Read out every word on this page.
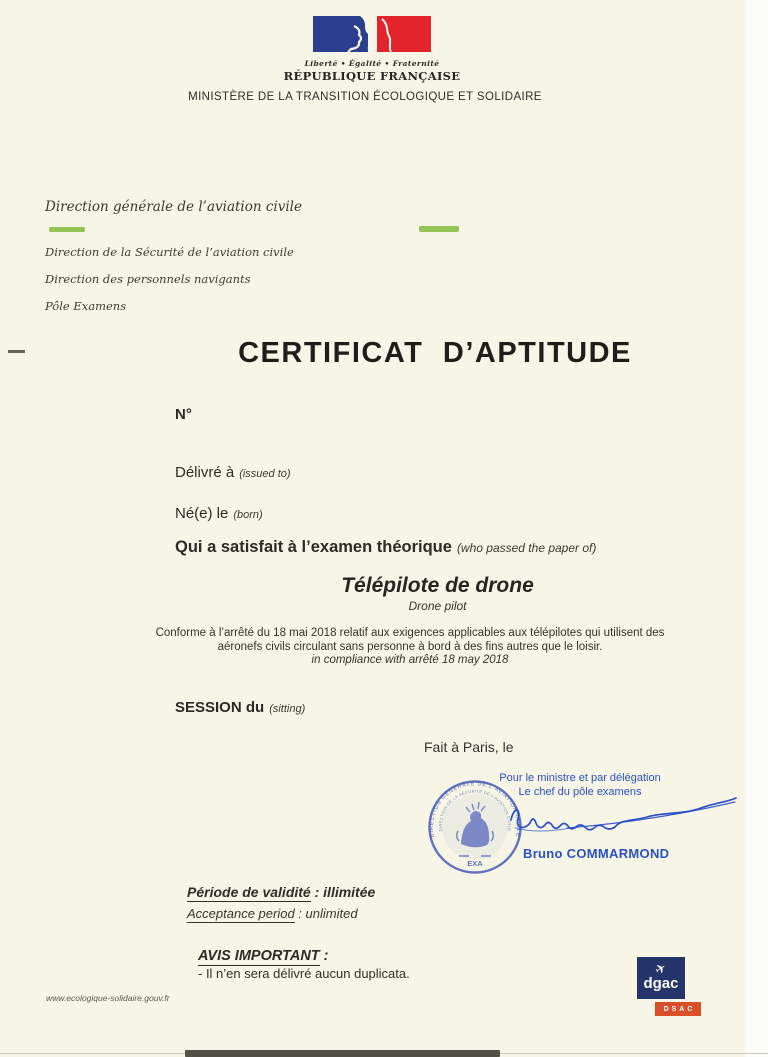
Liberté • Égalité • Fraternité
RÉPUBLIQUE FRANÇAISE
MINISTÈRE DE LA TRANSITION ÉCOLOGIQUE ET SOLIDAIRE
Direction générale de l’aviation civile
Direction de la Sécurité de l’aviation civile
Direction des personnels navigants
Pôle Examens
CERTIFICAT D’APTITUDE
N°
Délivré à (issued to)
Né(e) le (born)
Qui a satisfait à l’examen théorique (who passed the paper of)
Télépilote de drone
Drone pilot
Conforme à l’arrêté du 18 mai 2018 relatif aux exigences applicables aux télépilotes qui utilisent des
aéronefs civils circulant sans personne à bord à des fins autres que le loisir.
in compliance with arrêté 18 may 2018
SESSION du (sitting)
Fait à Paris, le
Pour le ministre et par délégation
Le chef du pôle examens
DIRECTION GÉNÉRALE DE L'AVIATION CIVILE
DIRECTION DE LA SÉCURITÉ DE L'AVIATION CIVILE
EXA
Bruno COMMARMOND
Période de validité : illimitée
Acceptance period : unlimited
AVIS IMPORTANT :
- Il n’en sera délivré aucun duplicata.
www.ecologique-solidaire.gouv.fr
✈
dgac
DSAC
